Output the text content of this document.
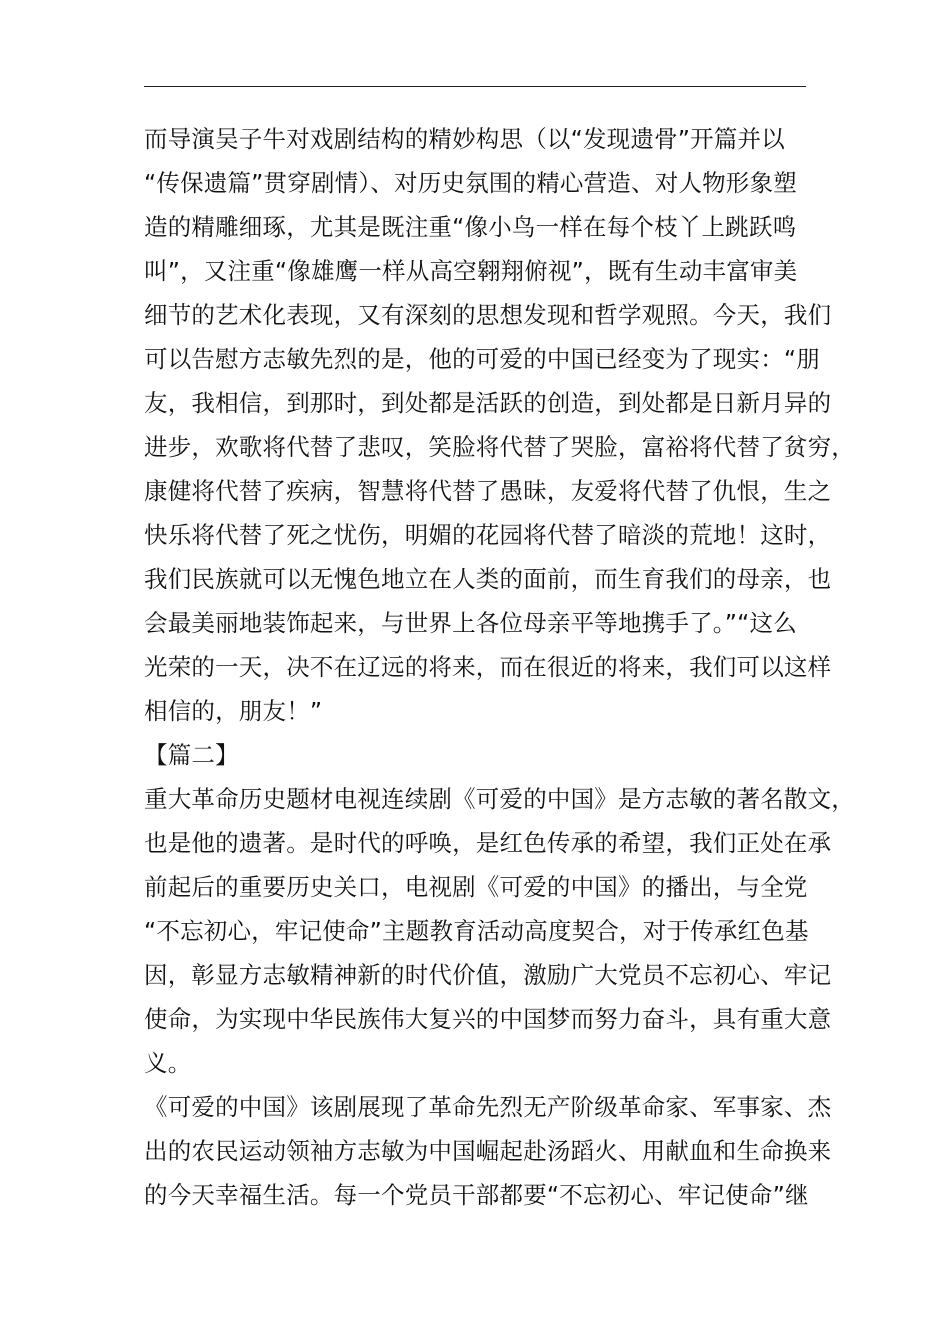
而导演吴子牛对戏剧结构的精妙构思（以“发现遗骨”开篇并以
“传保遗篇”贯穿剧情）、对历史氛围的精心营造、对人物形象塑
造的精雕细琢，尤其是既注重“像小鸟一样在每个枝丫上跳跃鸣
叫”，又注重“像雄鹰一样从高空翱翔俯视”，既有生动丰富审美
细节的艺术化表现，又有深刻的思想发现和哲学观照。今天，我们
可以告慰方志敏先烈的是，他的可爱的中国已经变为了现实：“朋
友，我相信，到那时，到处都是活跃的创造，到处都是日新月异的
进步，欢歌将代替了悲叹，笑脸将代替了哭脸，富裕将代替了贫穷，
康健将代替了疾病，智慧将代替了愚昧，友爱将代替了仇恨，生之
快乐将代替了死之忧伤，明媚的花园将代替了暗淡的荒地！这时，
我们民族就可以无愧色地立在人类的面前，而生育我们的母亲，也
会最美丽地装饰起来，与世界上各位母亲平等地携手了。”“这么
光荣的一天，决不在辽远的将来，而在很近的将来，我们可以这样
相信的，朋友！”
【篇二】
重大革命历史题材电视连续剧《可爱的中国》是方志敏的著名散文，
也是他的遗著。是时代的呼唤，是红色传承的希望，我们正处在承
前起后的重要历史关口，电视剧《可爱的中国》的播出，与全党
“不忘初心，牢记使命”主题教育活动高度契合，对于传承红色基
因，彰显方志敏精神新的时代价值，激励广大党员不忘初心、牢记
使命，为实现中华民族伟大复兴的中国梦而努力奋斗，具有重大意
义。
《可爱的中国》该剧展现了革命先烈无产阶级革命家、军事家、杰
出的农民运动领袖方志敏为中国崛起赴汤蹈火、用献血和生命换来
的今天幸福生活。每一个党员干部都要“不忘初心、牢记使命”继
